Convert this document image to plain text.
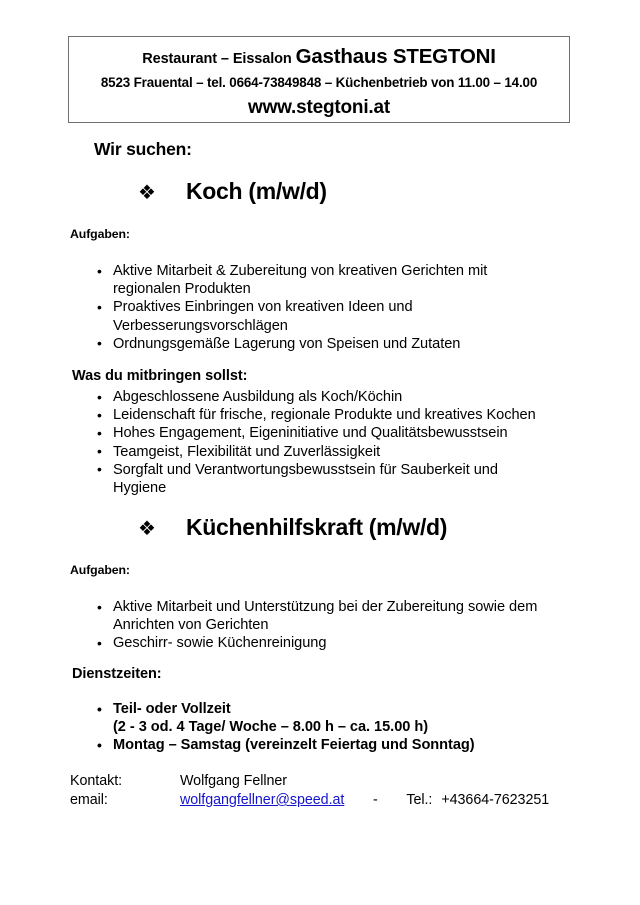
Restaurant – Eissalon Gasthaus STEGTONI
8523 Frauental – tel. 0664-73849848 – Küchenbetrieb von 11.00 – 14.00
www.stegtoni.at
Wir suchen:
❖	Koch (m/w/d)
Aufgaben:
• Aktive Mitarbeit & Zubereitung von kreativen Gerichten mit regionalen Produkten
• Proaktives Einbringen von kreativen Ideen und Verbesserungsvorschlägen
• Ordnungsgemäße Lagerung von Speisen und Zutaten
Was du mitbringen sollst:
• Abgeschlossene Ausbildung als Koch/Köchin
• Leidenschaft für frische, regionale Produkte und kreatives Kochen
• Hohes Engagement, Eigeninitiative und Qualitätsbewusstsein
• Teamgeist, Flexibilität und Zuverlässigkeit
• Sorgfalt und Verantwortungsbewusstsein für Sauberkeit und Hygiene
❖	Küchenhilfskraft (m/w/d)
Aufgaben:
• Aktive Mitarbeit und Unterstützung bei der Zubereitung sowie dem Anrichten von Gerichten
• Geschirr- sowie Küchenreinigung
Dienstzeiten:
• Teil- oder Vollzeit
(2 - 3 od. 4 Tage/ Woche – 8.00 h – ca. 15.00 h)
• Montag – Samstag (vereinzelt Feiertag und Sonntag)
Kontakt:	Wolfgang Fellner
email:	wolfgangfellner@speed.at	-	Tel.: +43664-7623251
